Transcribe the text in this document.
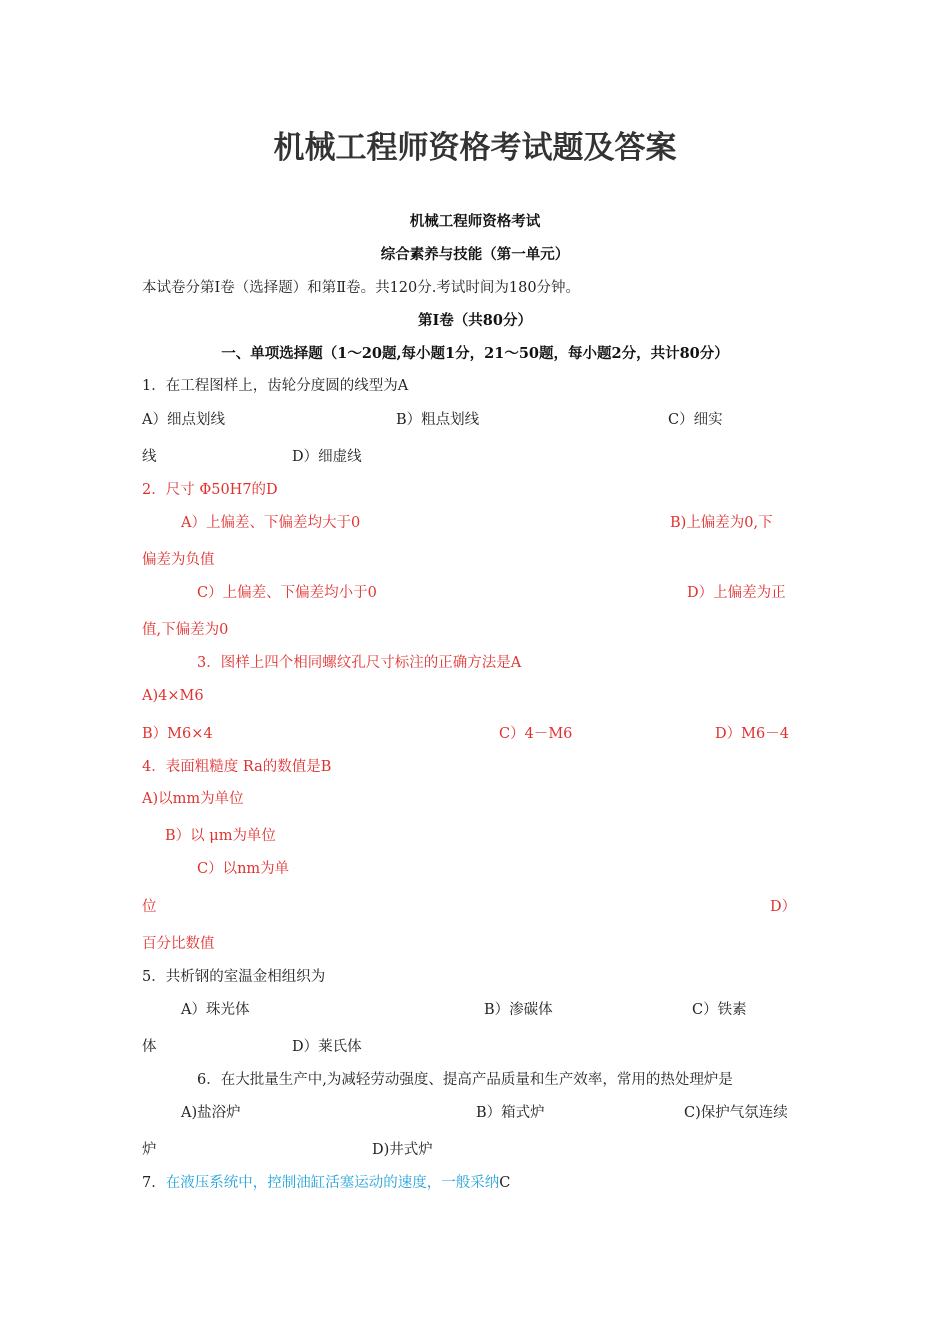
机械工程师资格考试题及答案
机械工程师资格考试
综合素养与技能（第一单元）
本试卷分第Ⅰ卷（选择题）和第Ⅱ卷。共120分.考试时间为180分钟。
第Ⅰ卷（共80分）
一、单项选择题（1～20题,每小题1分，21～50题，每小题2分，共计80分）
1．在工程图样上，齿轮分度圆的线型为A
A）细点划线	B）粗点划线	C）细实
线	D）细虚线
2．尺寸 Φ50H7的D
A）上偏差、下偏差均大于0	B)上偏差为0,下
偏差为负值
C）上偏差、下偏差均小于0	D）上偏差为正
值,下偏差为0
3．图样上四个相同螺纹孔尺寸标注的正确方法是A
A)4×M6
B）M6×4	C）4－M6	D）M6－4
4．表面粗糙度 Ra的数值是B
A)以mm为单位
B）以 μm为单位
C）以nm为单
位	D）
百分比数值
5．共析钢的室温金相组织为
A）珠光体	B）渗碳体	C）铁素
体	D）莱氏体
6．在大批量生产中,为减轻劳动强度、提高产品质量和生产效率，常用的热处理炉是
A)盐浴炉	B）箱式炉	C)保护气氛连续
炉	D)井式炉
7．在液压系统中，控制油缸活塞运动的速度，一般采纳C
